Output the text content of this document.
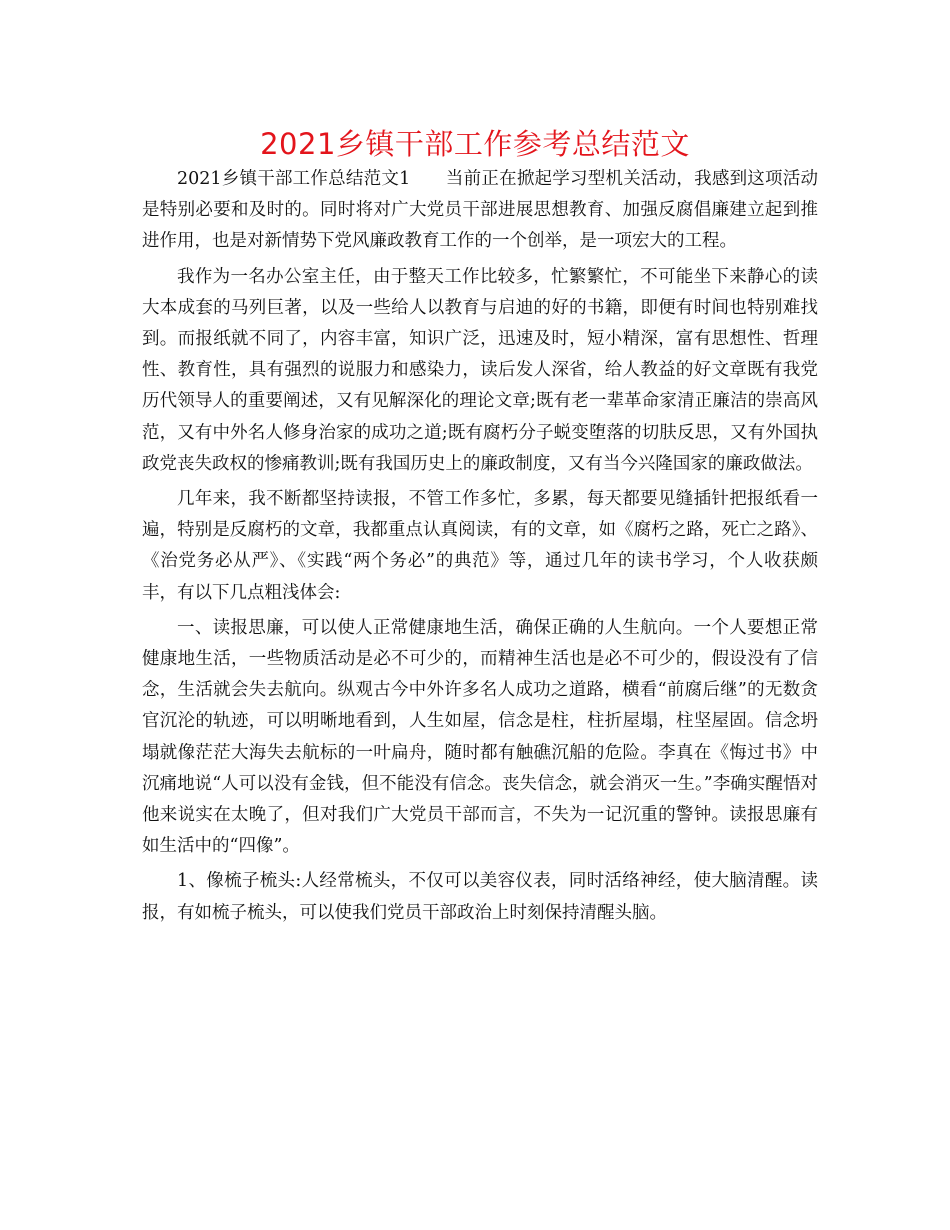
2021乡镇干部工作参考总结范文

2021乡镇干部工作总结范文1　　当前正在掀起学习型机关活动，我感到这项活动是特别必要和及时的。同时将对广大党员干部进展思想教育、加强反腐倡廉建立起到推进作用，也是对新情势下党风廉政教育工作的一个创举，是一项宏大的工程。

我作为一名办公室主任，由于整天工作比较多，忙繁繁忙，不可能坐下来静心的读大本成套的马列巨著，以及一些给人以教育与启迪的好的书籍，即便有时间也特别难找到。而报纸就不同了，内容丰富，知识广泛，迅速及时，短小精深，富有思想性、哲理性、教育性，具有强烈的说服力和感染力，读后发人深省，给人教益的好文章既有我党历代领导人的重要阐述，又有见解深化的理论文章;既有老一辈革命家清正廉洁的崇高风范，又有中外名人修身治家的成功之道;既有腐朽分子蜕变堕落的切肤反思，又有外国执政党丧失政权的惨痛教训;既有我国历史上的廉政制度，又有当今兴隆国家的廉政做法。

几年来，我不断都坚持读报，不管工作多忙，多累，每天都要见缝插针把报纸看一遍，特别是反腐朽的文章，我都重点认真阅读，有的文章，如《腐朽之路，死亡之路》、《治党务必从严》、《实践“两个务必”的典范》等，通过几年的读书学习，个人收获颇丰，有以下几点粗浅体会:

一、读报思廉，可以使人正常健康地生活，确保正确的人生航向。一个人要想正常健康地生活，一些物质活动是必不可少的，而精神生活也是必不可少的，假设没有了信念，生活就会失去航向。纵观古今中外许多名人成功之道路，横看“前腐后继”的无数贪官沉沦的轨迹，可以明晰地看到，人生如屋，信念是柱，柱折屋塌，柱坚屋固。信念坍塌就像茫茫大海失去航标的一叶扁舟，随时都有触礁沉船的危险。李真在《悔过书》中沉痛地说“人可以没有金钱，但不能没有信念。丧失信念，就会消灭一生。”李确实醒悟对他来说实在太晚了，但对我们广大党员干部而言，不失为一记沉重的警钟。读报思廉有如生活中的“四像”。

1、像梳子梳头:人经常梳头，不仅可以美容仪表，同时活络神经，使大脑清醒。读报，有如梳子梳头，可以使我们党员干部政治上时刻保持清醒头脑。
